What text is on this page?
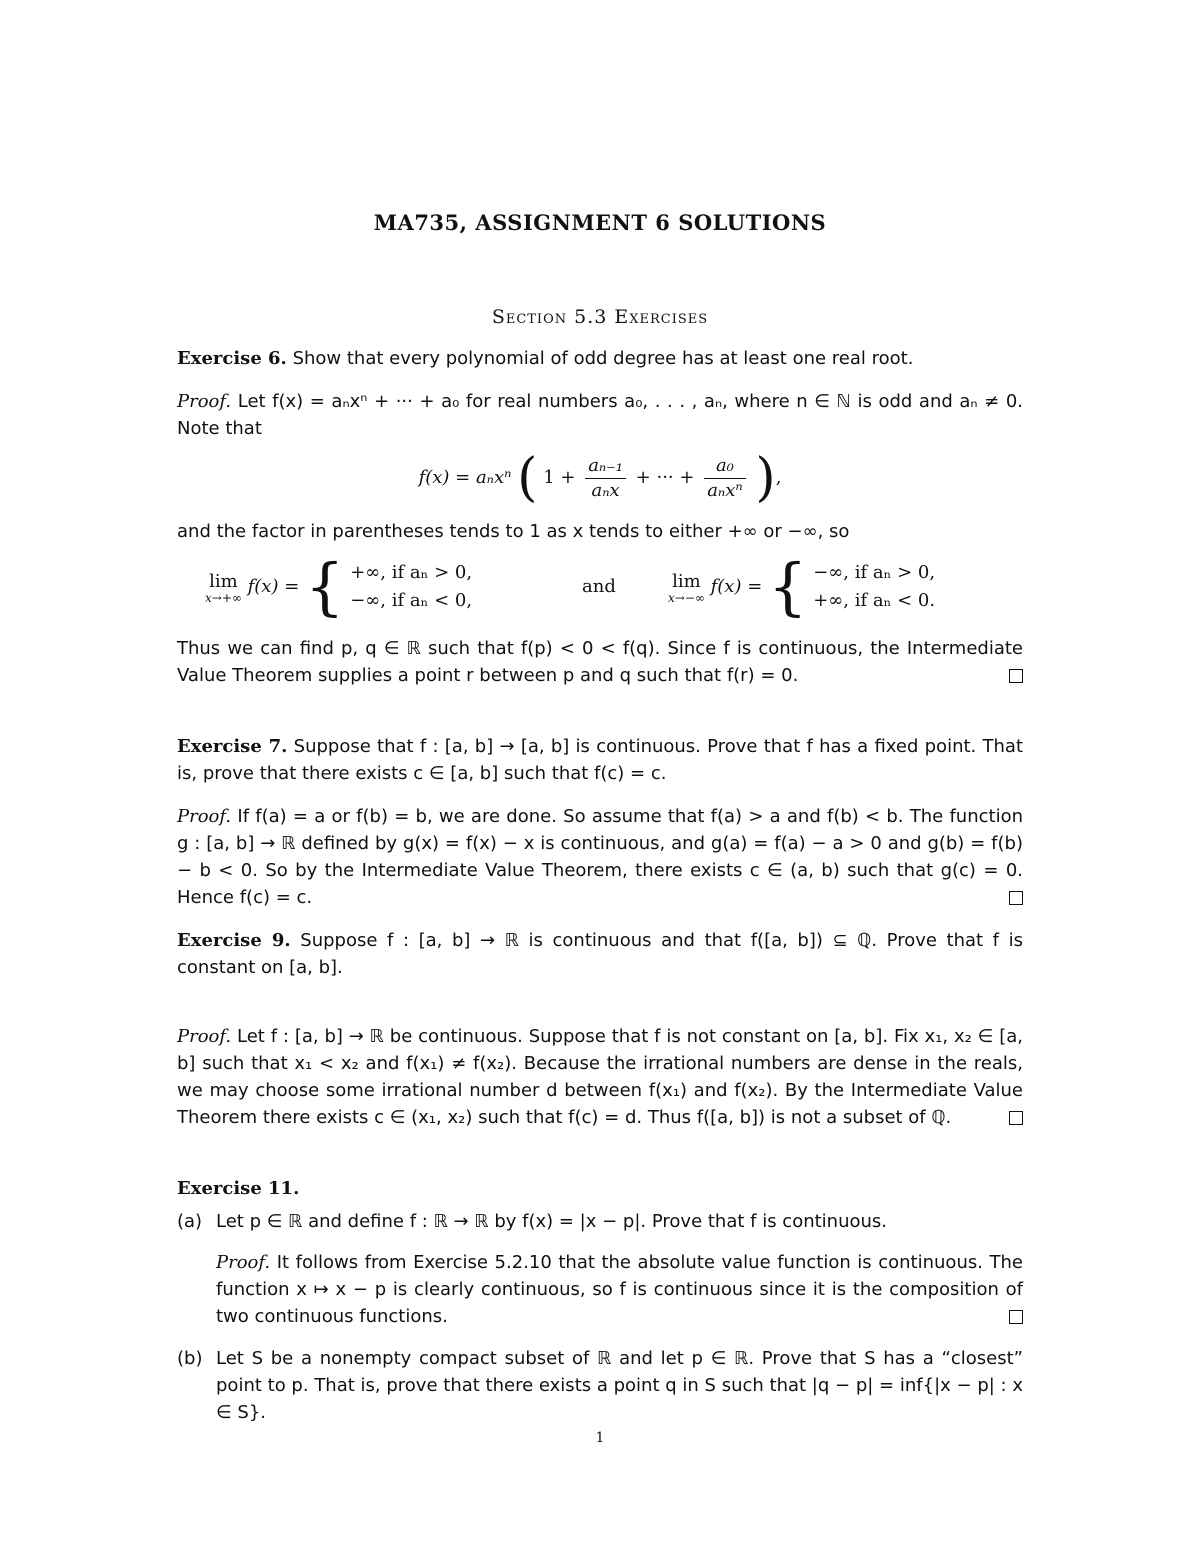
MA735, ASSIGNMENT 6 SOLUTIONS
Section 5.3 Exercises

Exercise 6. Show that every polynomial of odd degree has at least one real root.

Proof. Let f(x) = aₙxⁿ + ··· + a₀ for real numbers a₀, . . . , aₙ, where n ∈ ℕ is odd and aₙ ≠ 0. Note that

f(x) = aₙxⁿ ( $1 + \frac{\text{aₙ₋₁}}{\text{aₙx}}$ + ··· + $\frac{\text{a₀}}{\text{aₙxⁿ}}$ ),

and the factor in parentheses tends to 1 as x tends to either +∞ or −∞, so

lim
x→+∞
f(x) = { +∞, if aₙ > 0,
−∞, if aₙ < 0,
and	lim
x→−∞
f(x) = { −∞, if aₙ > 0,
+∞, if aₙ < 0.

Thus we can find p, q ∈ ℝ such that f(p) < 0 < f(q). Since f is continuous, the Intermediate Value Theorem supplies a point r between p and q such that f(r) = 0.

Exercise 7. Suppose that f : [a, b] → [a, b] is continuous. Prove that f has a fixed point. That is, prove that there exists c ∈ [a, b] such that f(c) = c.

Proof. If f(a) = a or f(b) = b, we are done. So assume that f(a) > a and f(b) < b. The function g : [a, b] → ℝ defined by g(x) = f(x) − x is continuous, and g(a) = f(a) − a > 0 and g(b) = f(b) − b < 0. So by the Intermediate Value Theorem, there exists c ∈ (a, b) such that g(c) = 0. Hence f(c) = c.

Exercise 9. Suppose f : [a, b] → ℝ is continuous and that f([a, b]) ⊆ ℚ. Prove that f is constant on [a, b].

Proof. Let f : [a, b] → ℝ be continuous. Suppose that f is not constant on [a, b]. Fix x₁, x₂ ∈ [a, b] such that x₁ < x₂ and f(x₁) ≠ f(x₂). Because the irrational numbers are dense in the reals, we may choose some irrational number d between f(x₁) and f(x₂). By the Intermediate Value Theorem there exists c ∈ (x₁, x₂) such that f(c) = d. Thus f([a, b]) is not a subset of ℚ.

Exercise 11.
(a) Let p ∈ ℝ and define f : ℝ → ℝ by f(x) = |x − p|. Prove that f is continuous.

Proof. It follows from Exercise 5.2.10 that the absolute value function is continuous. The function x ↦ x − p is clearly continuous, so f is continuous since it is the composition of two continuous functions.

(b) Let S be a nonempty compact subset of ℝ and let p ∈ ℝ. Prove that S has a “closest” point to p. That is, prove that there exists a point q in S such that |q − p| = inf{|x − p| : x ∈ S}.

1
